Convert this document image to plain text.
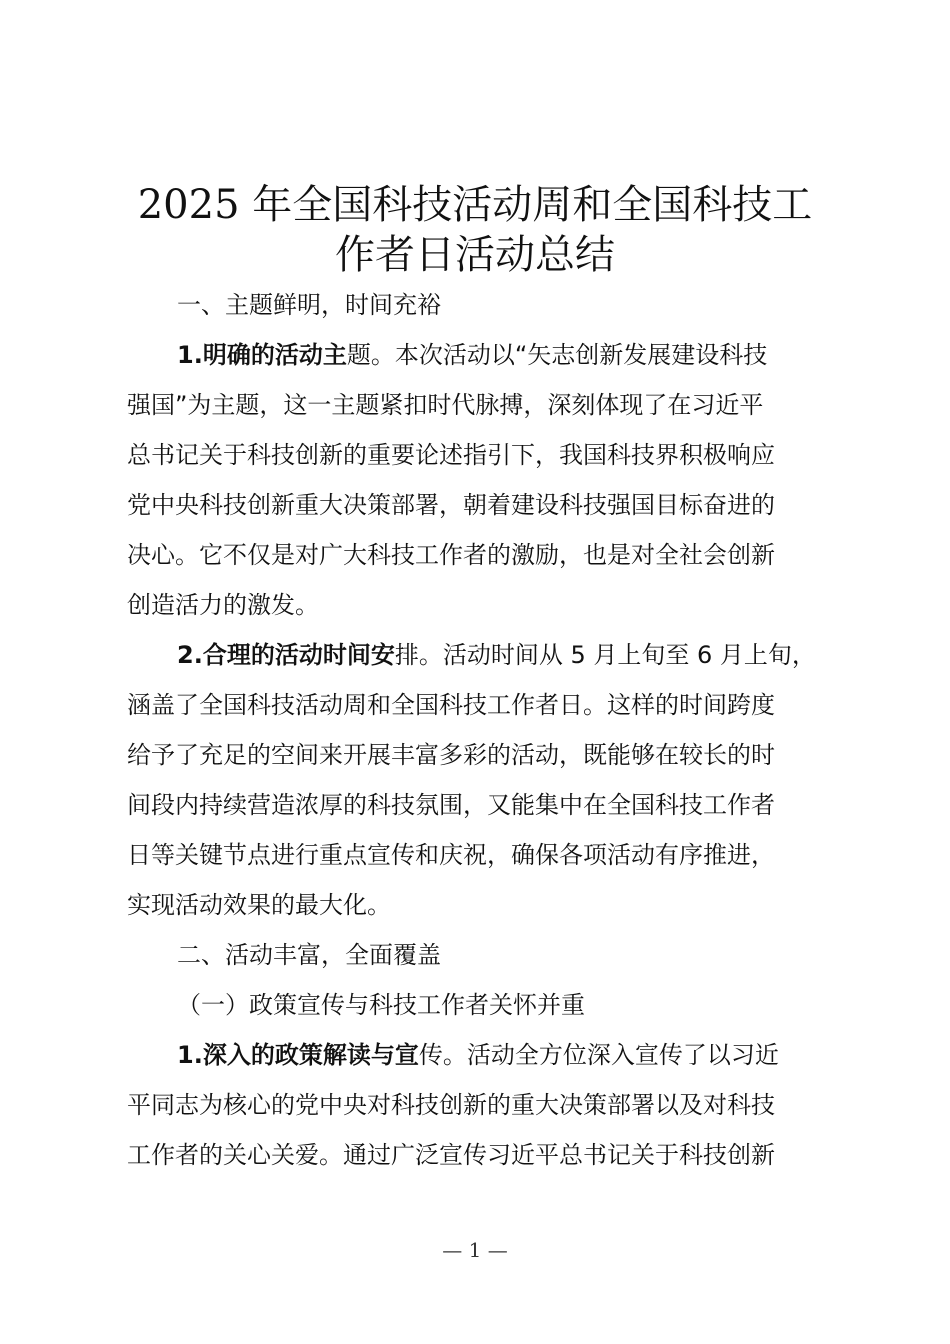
2025 年全国科技活动周和全国科技工
作者日活动总结
一、主题鲜明，时间充裕
1.明确的活动主题。本次活动以“矢志创新发展建设科技
强国”为主题，这一主题紧扣时代脉搏，深刻体现了在习近平
总书记关于科技创新的重要论述指引下，我国科技界积极响应
党中央科技创新重大决策部署，朝着建设科技强国目标奋进的
决心。它不仅是对广大科技工作者的激励，也是对全社会创新
创造活力的激发。
2.合理的活动时间安排。活动时间从 5 月上旬至 6 月上旬，
涵盖了全国科技活动周和全国科技工作者日。这样的时间跨度
给予了充足的空间来开展丰富多彩的活动，既能够在较长的时
间段内持续营造浓厚的科技氛围，又能集中在全国科技工作者
日等关键节点进行重点宣传和庆祝，确保各项活动有序推进，
实现活动效果的最大化。
二、活动丰富，全面覆盖
（一）政策宣传与科技工作者关怀并重
1.深入的政策解读与宣传。活动全方位深入宣传了以习近
平同志为核心的党中央对科技创新的重大决策部署以及对科技
工作者的关心关爱。通过广泛宣传习近平总书记关于科技创新
— 1 —
